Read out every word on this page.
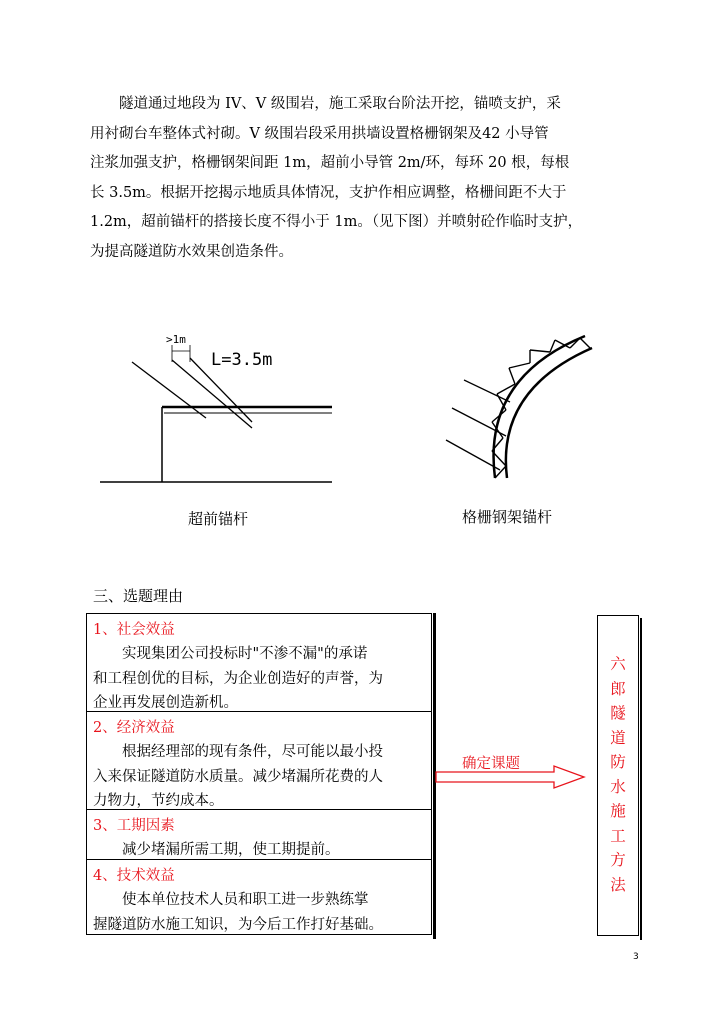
隧道通过地段为 IV、V 级围岩，施工采取台阶法开挖，锚喷支护，采
用衬砌台车整体式衬砌。V 级围岩段采用拱墙设置格栅钢架及42 小导管
注浆加强支护，格栅钢架间距 1m，超前小导管 2m/环，每环 20 根，每根
长 3.5m。根据开挖揭示地质具体情况，支护作相应调整，格栅间距不大于
1.2m，超前锚杆的搭接长度不得小于 1m。（见下图）并喷射砼作临时支护，
为提高隧道防水效果创造条件。
>1m
L=3.5m
超前锚杆	格栅钢架锚杆
三、选题理由
1、社会效益
实现集团公司投标时"不渗不漏"的承诺
和工程创优的目标，为企业创造好的声誉，为
企业再发展创造新机。
2、经济效益
根据经理部的现有条件，尽可能以最小投
入来保证隧道防水质量。减少堵漏所花费的人
力物力，节约成本。
3、工期因素
减少堵漏所需工期，使工期提前。
4、技术效益
使本单位技术人员和职工进一步熟练掌
握隧道防水施工知识，为今后工作打好基础。
确定课题
六
郎
隧
道
防
水
施
工
方
法
3
